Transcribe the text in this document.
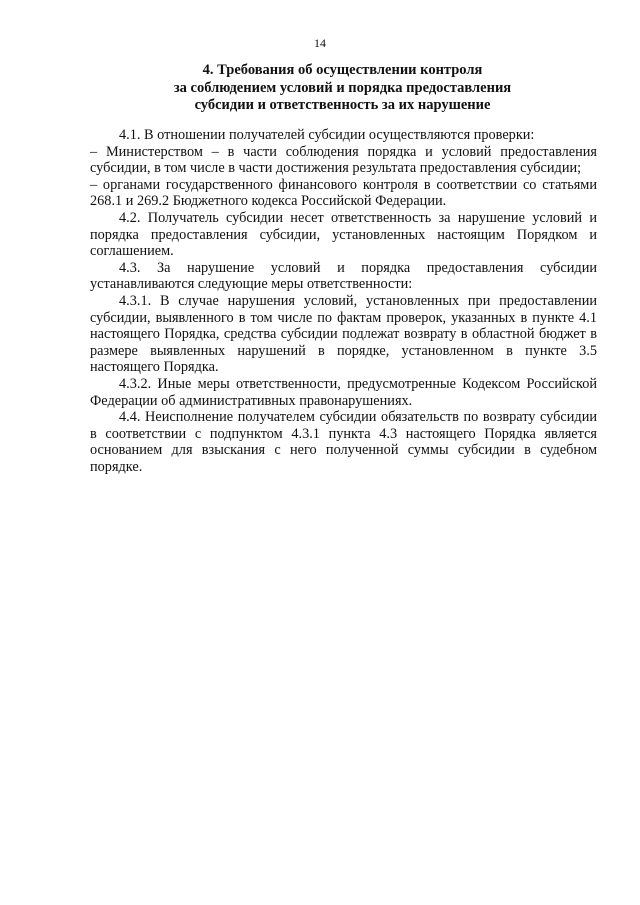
14
4. Требования об осуществлении контроля
за соблюдением условий и порядка предоставления
субсидии и ответственность за их нарушение

4.1. В отношении получателей субсидии осуществляются проверки:

– Министерством – в части соблюдения порядка и условий предоставления субсидии, в том числе в части достижения результата предоставления субсидии;

– органами государственного финансового контроля в соответствии со статьями 268.1 и 269.2 Бюджетного кодекса Российской Федерации.

4.2. Получатель субсидии несет ответственность за нарушение условий и порядка предоставления субсидии, установленных настоящим Порядком и соглашением.

4.3. За нарушение условий и порядка предоставления субсидии устанавливаются следующие меры ответственности:

4.3.1. В случае нарушения условий, установленных при предоставлении субсидии, выявленного в том числе по фактам проверок, указанных в пункте 4.1 настоящего Порядка, средства субсидии подлежат возврату в областной бюджет в размере выявленных нарушений в порядке, установленном в пункте 3.5 настоящего Порядка.

4.3.2. Иные меры ответственности, предусмотренные Кодексом Российской Федерации об административных правонарушениях.

4.4. Неисполнение получателем субсидии обязательств по возврату субсидии в соответствии с подпунктом 4.3.1 пункта 4.3 настоящего Порядка является основанием для взыскания с него полученной суммы субсидии в судебном порядке.
